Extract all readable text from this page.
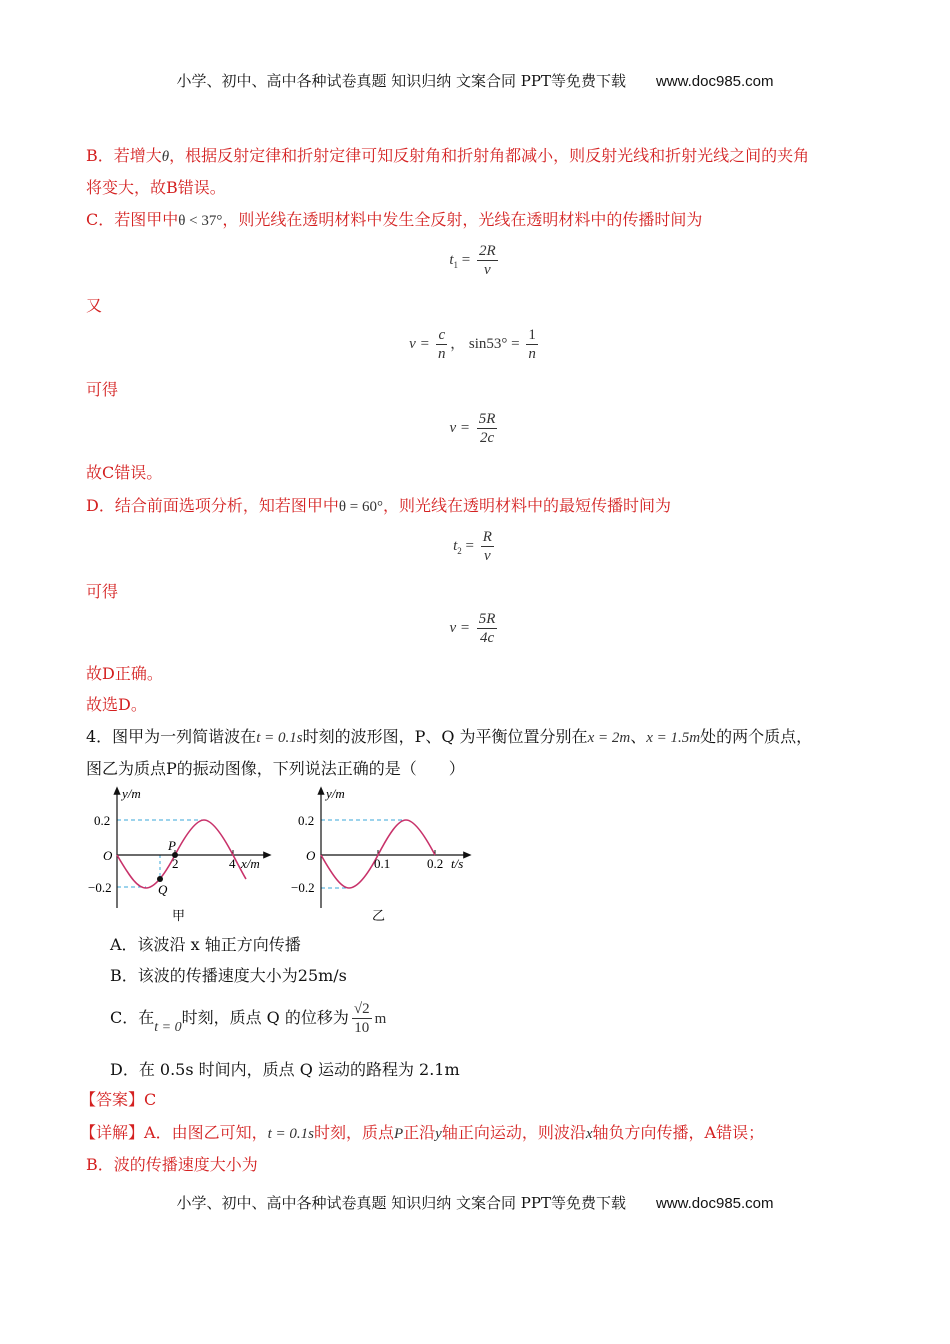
小学、初中、高中各种试卷真题 知识归纳 文案合同 PPT等免费下载 www.doc985.com
B．若增大θ，根据反射定律和折射定律可知反射角和折射角都减小，则反射光线和折射光线之间的夹角
将变大，故B错误。
C．若图甲中θ < 37°，则光线在透明材料中发生全反射，光线在透明材料中的传播时间为
$t_1 = \frac{2R}{v}$
又
$v = \frac{c}{n}$ ， $\sin 53^\circ = \frac{1}{n}$
可得
$v = \frac{5R}{2c}$
故C错误。
D．结合前面选项分析，知若图甲中θ = 60°，则光线在透明材料中的最短传播时间为
$t_2 = \frac{R}{v}$
可得
$v = \frac{5R}{4c}$
故D正确。
故选D。
4．图甲为一列简谐波在t = 0.1s时刻的波形图，P、Q 为平衡位置分别在x = 2m、x = 1.5m处的两个质点，
图乙为质点P的振动图像，下列说法正确的是（　　）
y/m
x/m
O
0.2
−0.2
2	4
P
Q
甲
y/m
t/s
O
0.2
−0.2
0.1	0.2
乙
A．该波沿 x 轴正方向传播
B．该波的传播速度大小为25m/s
C．在t = 0时刻，质点 Q 的位移为 $\frac{√2}{10}$ m
D．在 0.5s 时间内，质点 Q 运动的路程为 2.1m
【答案】C
【详解】A．由图乙可知，t = 0.1s时刻，质点P正沿y轴正向运动，则波沿x轴负方向传播，A错误；
B．波的传播速度大小为
小学、初中、高中各种试卷真题 知识归纳 文案合同 PPT等免费下载 www.doc985.com
